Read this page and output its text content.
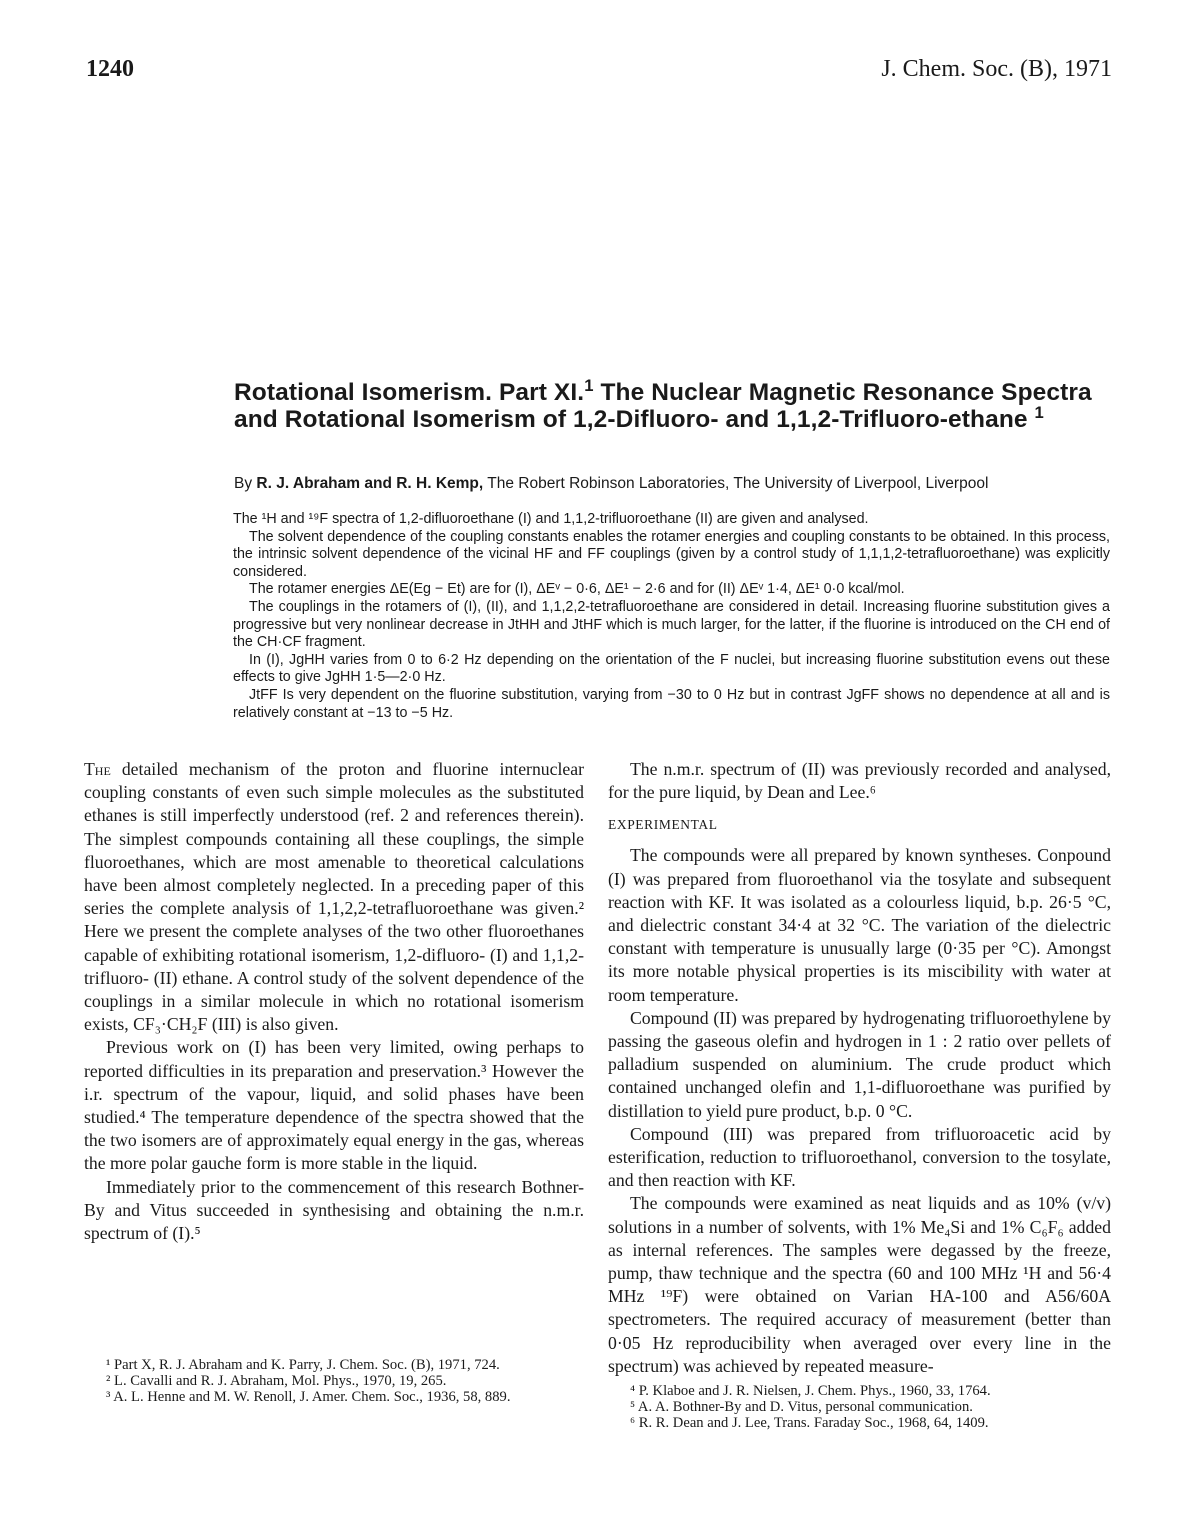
1240	J. Chem. Soc. (B), 1971
Rotational Isomerism. Part XI.$^1$ The Nuclear Magnetic Resonance Spectra and Rotational Isomerism of 1,2-Difluoro- and 1,1,2-Trifluoro-ethane $^1$
By R. J. Abraham and R. H. Kemp, The Robert Robinson Laboratories, The University of Liverpool, Liverpool

The ¹H and ¹⁹F spectra of 1,2-difluoroethane (I) and 1,1,2-trifluoroethane (II) are given and analysed.

The solvent dependence of the coupling constants enables the rotamer energies and coupling constants to be obtained. In this process, the intrinsic solvent dependence of the vicinal HF and FF couplings (given by a control study of 1,1,1,2-tetrafluoroethane) was explicitly considered.

The rotamer energies ΔE(Eg − Et) are for (I), ΔEᵛ − 0·6, ΔE¹ − 2·6 and for (II) ΔEᵛ 1·4, ΔE¹ 0·0 kcal/mol.

The couplings in the rotamers of (I), (II), and 1,1,2,2-tetrafluoroethane are considered in detail. Increasing fluorine substitution gives a progressive but very nonlinear decrease in JtHH and JtHF which is much larger, for the latter, if the fluorine is introduced on the CH end of the CH·CF fragment.

In (I), JgHH varies from 0 to 6·2 Hz depending on the orientation of the F nuclei, but increasing fluorine substitution evens out these effects to give JgHH 1·5—2·0 Hz.

JtFF Is very dependent on the fluorine substitution, varying from −30 to 0 Hz but in contrast JgFF shows no dependence at all and is relatively constant at −13 to −5 Hz.

The detailed mechanism of the proton and fluorine internuclear coupling constants of even such simple molecules as the substituted ethanes is still imperfectly understood (ref. 2 and references therein). The simplest compounds containing all these couplings, the simple fluoroethanes, which are most amenable to theoretical calculations have been almost completely neglected. In a preceding paper of this series the complete analysis of 1,1,2,2-tetrafluoroethane was given.² Here we present the complete analyses of the two other fluoroethanes capable of exhibiting rotational isomerism, 1,2-difluoro- (I) and 1,1,2-trifluoro- (II) ethane. A control study of the solvent dependence of the couplings in a similar molecule in which no rotational isomerism exists, CF₃·CH₂F (III) is also given.

Previous work on (I) has been very limited, owing perhaps to reported difficulties in its preparation and preservation.³ However the i.r. spectrum of the vapour, liquid, and solid phases have been studied.⁴ The temperature dependence of the spectra showed that the the two isomers are of approximately equal energy in the gas, whereas the more polar gauche form is more stable in the liquid.

Immediately prior to the commencement of this research Bothner-By and Vitus succeeded in synthesising and obtaining the n.m.r. spectrum of (I).⁵

The n.m.r. spectrum of (II) was previously recorded and analysed, for the pure liquid, by Dean and Lee.⁶

EXPERIMENTAL

The compounds were all prepared by known syntheses. Conpound (I) was prepared from fluoroethanol via the tosylate and subsequent reaction with KF. It was isolated as a colourless liquid, b.p. 26·5 °C, and dielectric constant 34·4 at 32 °C. The variation of the dielectric constant with temperature is unusually large (0·35 per °C). Amongst its more notable physical properties is its miscibility with water at room temperature.

Compound (II) was prepared by hydrogenating trifluoroethylene by passing the gaseous olefin and hydrogen in 1 : 2 ratio over pellets of palladium suspended on aluminium. The crude product which contained unchanged olefin and 1,1-difluoroethane was purified by distillation to yield pure product, b.p. 0 °C.

Compound (III) was prepared from trifluoroacetic acid by esterification, reduction to trifluoroethanol, conversion to the tosylate, and then reaction with KF.

The compounds were examined as neat liquids and as 10% (v/v) solutions in a number of solvents, with 1% Me₄Si and 1% C₆F₆ added as internal references. The samples were degassed by the freeze, pump, thaw technique and the spectra (60 and 100 MHz ¹H and 56·4 MHz ¹⁹F) were obtained on Varian HA-100 and A56/60A spectrometers. The required accuracy of measurement (better than 0·05 Hz reproducibility when averaged over every line in the spectrum) was achieved by repeated measure-

¹ Part X, R. J. Abraham and K. Parry, J. Chem. Soc. (B), 1971, 724.

² L. Cavalli and R. J. Abraham, Mol. Phys., 1970, 19, 265.

³ A. L. Henne and M. W. Renoll, J. Amer. Chem. Soc., 1936, 58, 889.	⁴ P. Klaboe and J. R. Nielsen, J. Chem. Phys., 1960, 33, 1764.

⁵ A. A. Bothner-By and D. Vitus, personal communication.

⁶ R. R. Dean and J. Lee, Trans. Faraday Soc., 1968, 64, 1409.
